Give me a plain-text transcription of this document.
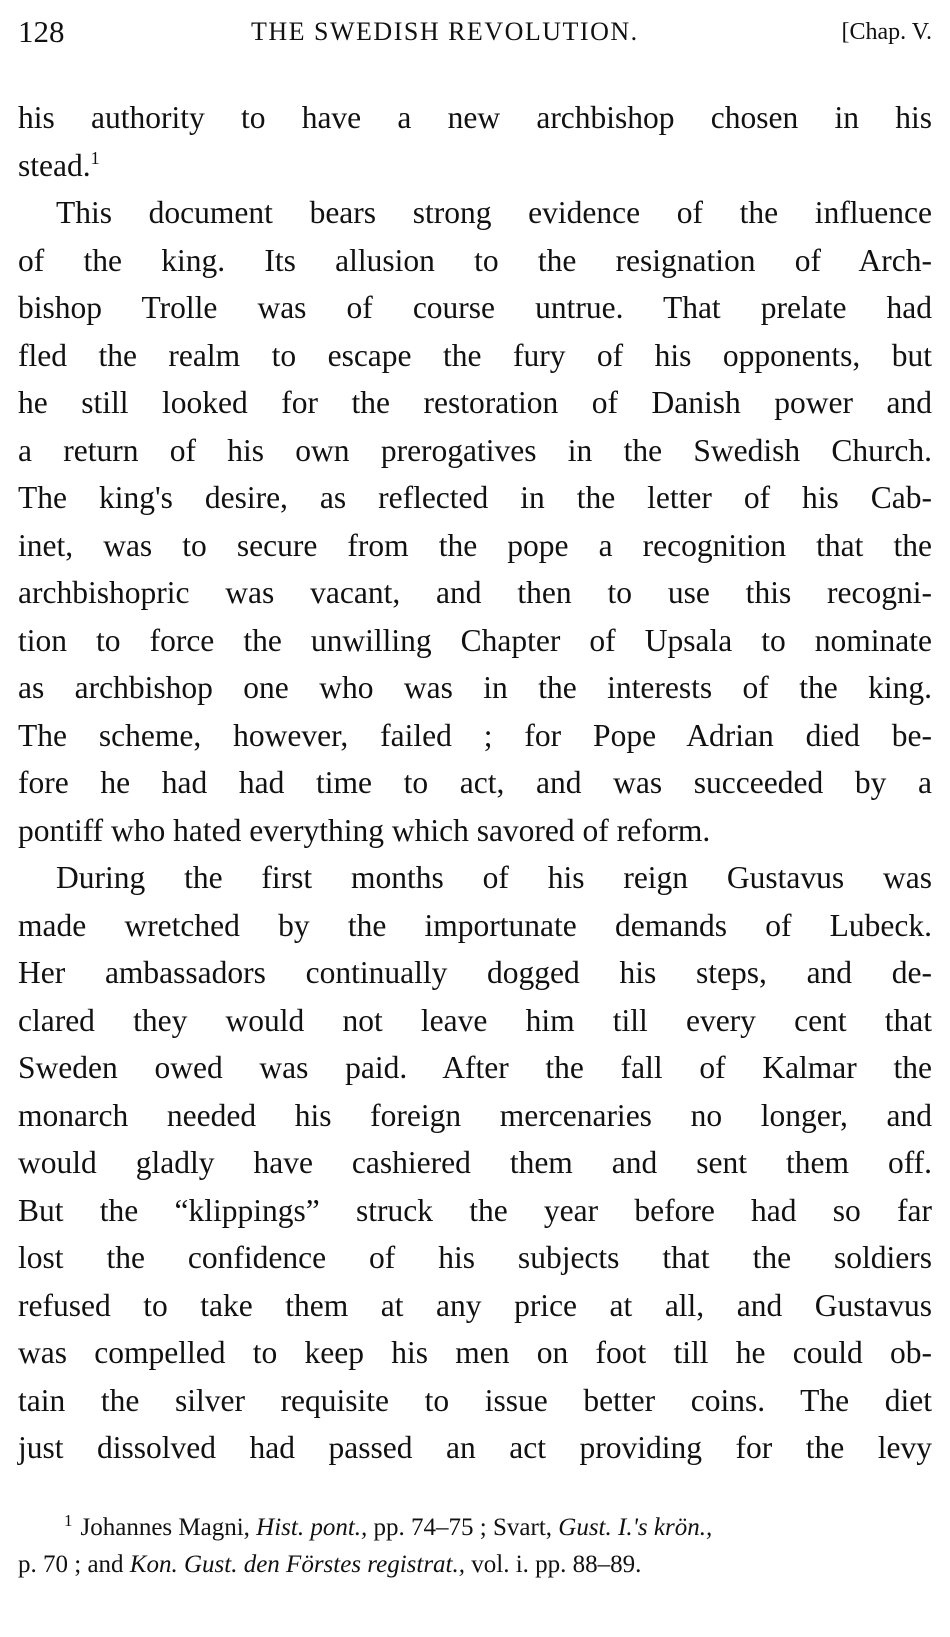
128	THE SWEDISH REVOLUTION.	[Chap. V.

his authority to have a new archbishop chosen in his
stead.$^1$

This document bears strong evidence of the influence
of the king. Its allusion to the resignation of Arch-
bishop Trolle was of course untrue. That prelate had
fled the realm to escape the fury of his opponents, but
he still looked for the restoration of Danish power and
a return of his own prerogatives in the Swedish Church.
The king's desire, as reflected in the letter of his Cab-
inet, was to secure from the pope a recognition that the
archbishopric was vacant, and then to use this recogni-
tion to force the unwilling Chapter of Upsala to nominate
as archbishop one who was in the interests of the king.
The scheme, however, failed ; for Pope Adrian died be-
fore he had had time to act, and was succeeded by a
pontiff who hated everything which savored of reform.

During the first months of his reign Gustavus was
made wretched by the importunate demands of Lubeck.
Her ambassadors continually dogged his steps, and de-
clared they would not leave him till every cent that
Sweden owed was paid. After the fall of Kalmar the
monarch needed his foreign mercenaries no longer, and
would gladly have cashiered them and sent them off.
But the “klippings” struck the year before had so far
lost the confidence of his subjects that the soldiers
refused to take them at any price at all, and Gustavus
was compelled to keep his men on foot till he could ob-
tain the silver requisite to issue better coins. The diet
just dissolved had passed an act providing for the levy

$^1$ Johannes Magni, Hist. pont., pp. 74–75 ; Svart, Gust. I.'s krön.,
p. 70 ; and Kon. Gust. den Förstes registrat., vol. i. pp. 88–89.
